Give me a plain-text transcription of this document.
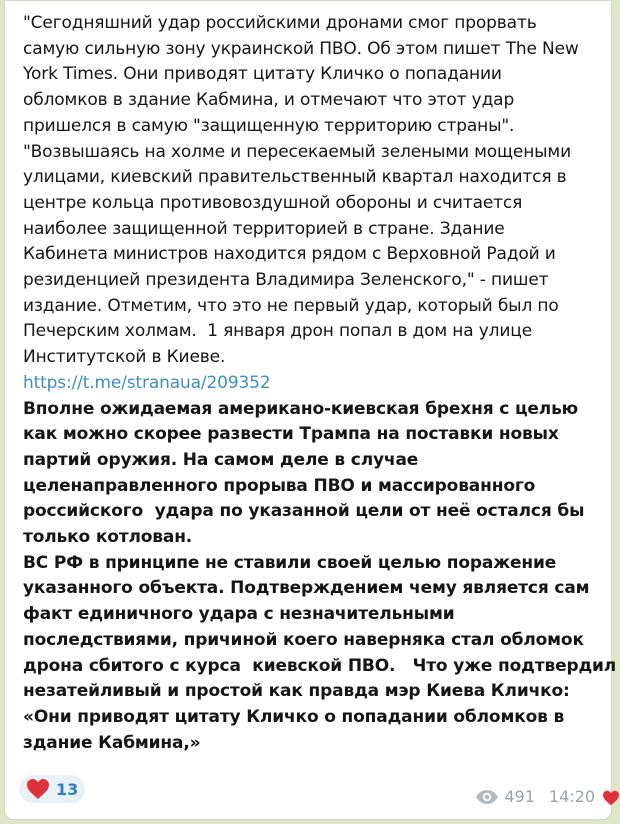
"Сегодняшний удар российскими дронами смог прорвать
самую сильную зону украинской ПВО. Об этом пишет The New
York Times. Они приводят цитату Кличко о попадании
обломков в здание Кабмина, и отмечают что этот удар
пришелся в самую "защищенную территорию страны".
"Возвышаясь на холме и пересекаемый зелеными мощеными
улицами, киевский правительственный квартал находится в
центре кольца противовоздушной обороны и считается
наиболее защищенной территорией в стране. Здание
Кабинета министров находится рядом с Верховной Радой и
резиденцией президента Владимира Зеленского," - пишет
издание. Отметим, что это не первый удар, который был по
Печерским холмам.  1 января дрон попал в дом на улице
Институтской в Киеве.
https://t.me/stranaua/209352
Вполне ожидаемая американо-киевская брехня с целью
как можно скорее развести Трампа на поставки новых
партий оружия. На самом деле в случае
целенаправленного прорыва ПВО и массированного
российского  удара по указанной цели от неё остался бы
только котлован.
ВС РФ в принципе не ставили своей целью поражение
указанного объекта. Подтверждением чему является сам
факт единичного удара с незначительными
последствиями, причиной коего наверняка стал обломок
дрона сбитого с курса  киевской ПВО.   Что уже подтвердил
незатейливый и простой как правда мэр Киева Кличко:
«Они приводят цитату Кличко о попадании обломков в
здание Кабмина,»
13	491 14:20
